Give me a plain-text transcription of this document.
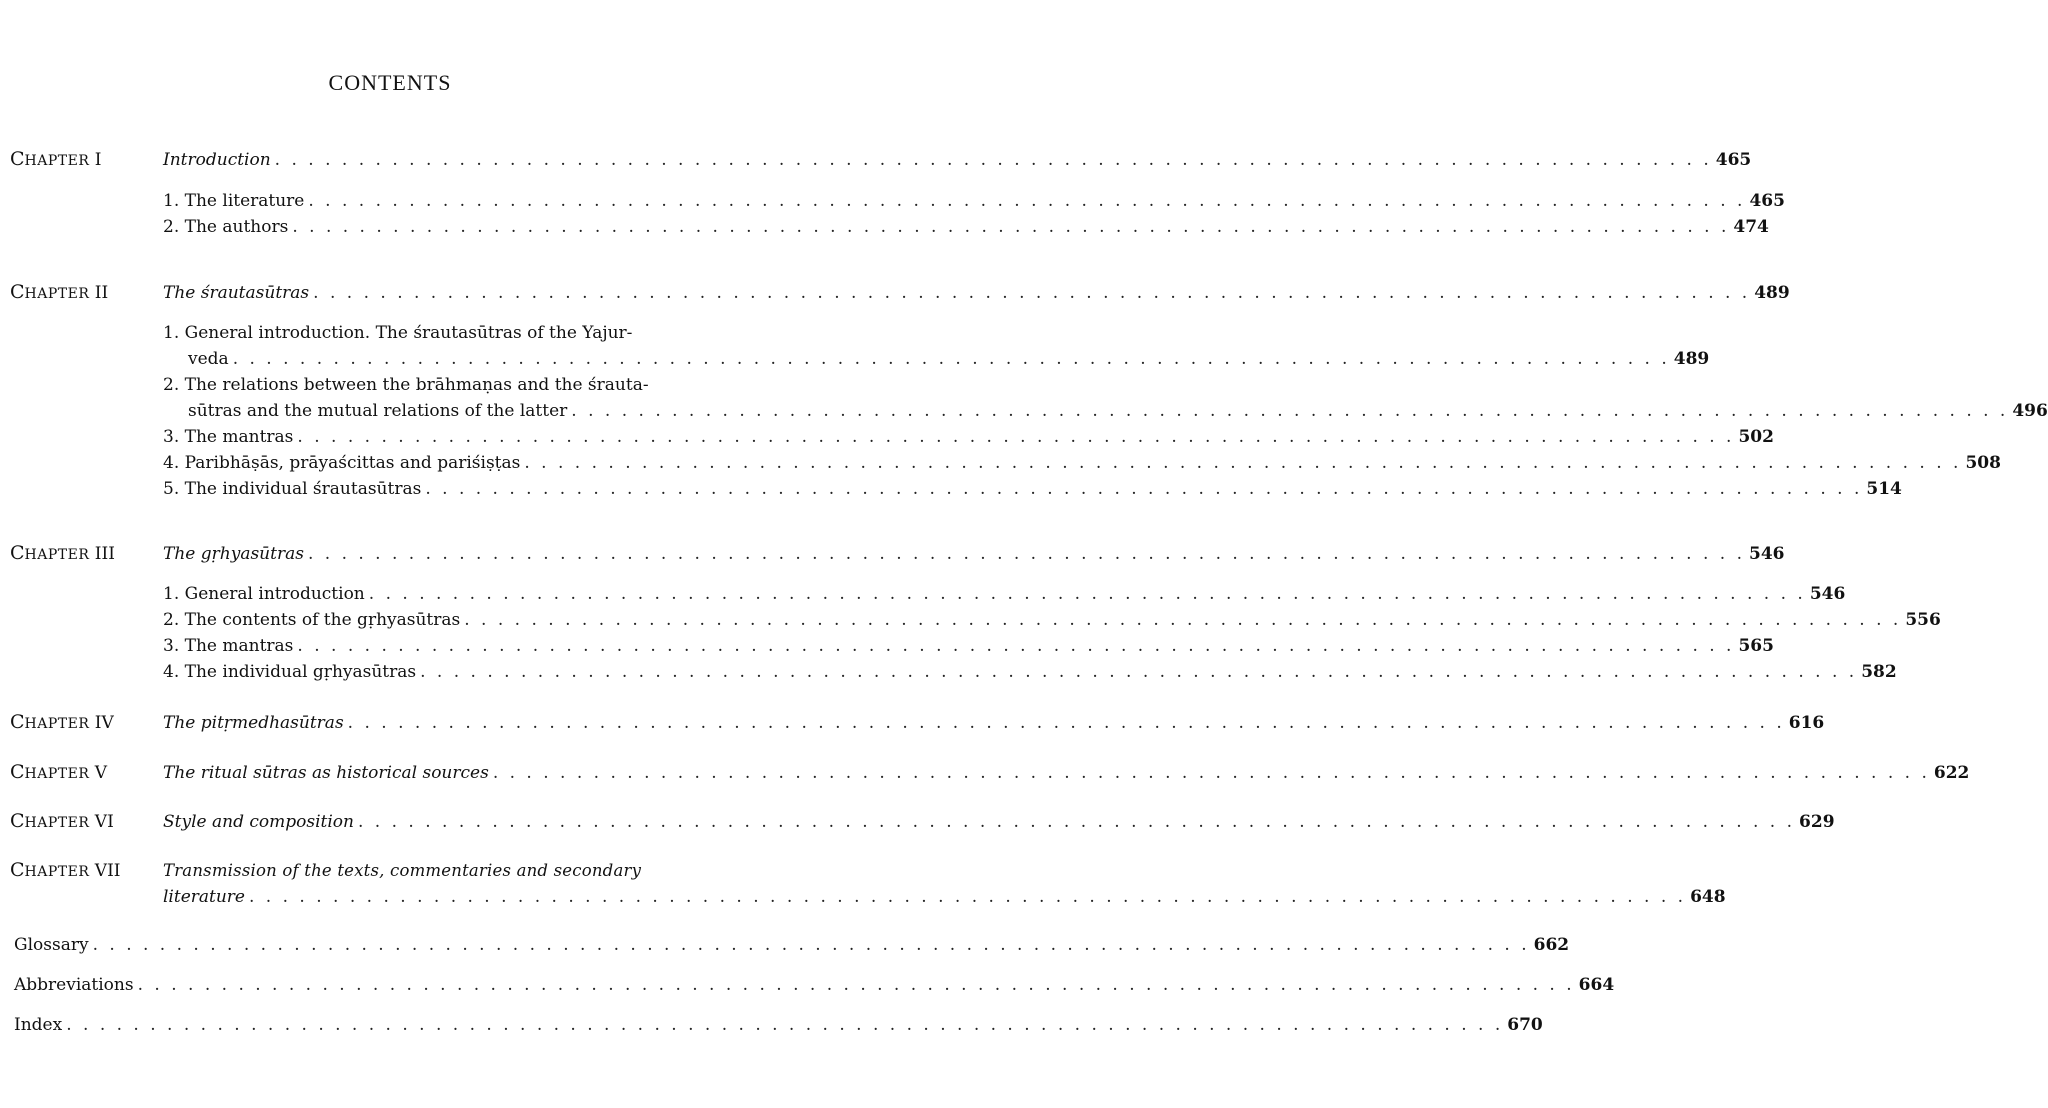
CONTENTS
CHAPTER I	Introduction . . . . . . . . . . . . . . . . . . . . . . . . . . . . . . . . . . . . . . . . . . . . . . . . . . . . . . . . . . . . . . . . . . . . . . . . . . . . . . . . . . . . . . 465
1. The literature . . . . . . . . . . . . . . . . . . . . . . . . . . . . . . . . . . . . . . . . . . . . . . . . . . . . . . . . . . . . . . . . . . . . . . . . . . . . . . . . . . . . . . 465
2. The authors . . . . . . . . . . . . . . . . . . . . . . . . . . . . . . . . . . . . . . . . . . . . . . . . . . . . . . . . . . . . . . . . . . . . . . . . . . . . . . . . . . . . . . 474
CHAPTER II	The śrautasūtras . . . . . . . . . . . . . . . . . . . . . . . . . . . . . . . . . . . . . . . . . . . . . . . . . . . . . . . . . . . . . . . . . . . . . . . . . . . . . . . . . . . . . . 489
1. General introduction. The śrautasūtras of the Yajur-
veda . . . . . . . . . . . . . . . . . . . . . . . . . . . . . . . . . . . . . . . . . . . . . . . . . . . . . . . . . . . . . . . . . . . . . . . . . . . . . . . . . . . . . . 489
2. The relations between the brāhmaṇas and the śrauta-
sūtras and the mutual relations of the latter . . . . . . . . . . . . . . . . . . . . . . . . . . . . . . . . . . . . . . . . . . . . . . . . . . . . . . . . . . . . . . . . . . . . . . . . . . . . . . . . . . . . . . 496
3. The mantras . . . . . . . . . . . . . . . . . . . . . . . . . . . . . . . . . . . . . . . . . . . . . . . . . . . . . . . . . . . . . . . . . . . . . . . . . . . . . . . . . . . . . . 502
4. Paribhāṣās, prāyaścittas and pariśiṣṭas . . . . . . . . . . . . . . . . . . . . . . . . . . . . . . . . . . . . . . . . . . . . . . . . . . . . . . . . . . . . . . . . . . . . . . . . . . . . . . . . . . . . . . 508
5. The individual śrautasūtras . . . . . . . . . . . . . . . . . . . . . . . . . . . . . . . . . . . . . . . . . . . . . . . . . . . . . . . . . . . . . . . . . . . . . . . . . . . . . . . . . . . . . . 514
CHAPTER III	The gṛhyasūtras . . . . . . . . . . . . . . . . . . . . . . . . . . . . . . . . . . . . . . . . . . . . . . . . . . . . . . . . . . . . . . . . . . . . . . . . . . . . . . . . . . . . . . 546
1. General introduction . . . . . . . . . . . . . . . . . . . . . . . . . . . . . . . . . . . . . . . . . . . . . . . . . . . . . . . . . . . . . . . . . . . . . . . . . . . . . . . . . . . . . . 546
2. The contents of the gṛhyasūtras . . . . . . . . . . . . . . . . . . . . . . . . . . . . . . . . . . . . . . . . . . . . . . . . . . . . . . . . . . . . . . . . . . . . . . . . . . . . . . . . . . . . . . 556
3. The mantras . . . . . . . . . . . . . . . . . . . . . . . . . . . . . . . . . . . . . . . . . . . . . . . . . . . . . . . . . . . . . . . . . . . . . . . . . . . . . . . . . . . . . . 565
4. The individual gṛhyasūtras . . . . . . . . . . . . . . . . . . . . . . . . . . . . . . . . . . . . . . . . . . . . . . . . . . . . . . . . . . . . . . . . . . . . . . . . . . . . . . . . . . . . . . 582
CHAPTER IV	The pitṛmedhasūtras . . . . . . . . . . . . . . . . . . . . . . . . . . . . . . . . . . . . . . . . . . . . . . . . . . . . . . . . . . . . . . . . . . . . . . . . . . . . . . . . . . . . . . 616
CHAPTER V	The ritual sūtras as historical sources . . . . . . . . . . . . . . . . . . . . . . . . . . . . . . . . . . . . . . . . . . . . . . . . . . . . . . . . . . . . . . . . . . . . . . . . . . . . . . . . . . . . . . 622
CHAPTER VI	Style and composition . . . . . . . . . . . . . . . . . . . . . . . . . . . . . . . . . . . . . . . . . . . . . . . . . . . . . . . . . . . . . . . . . . . . . . . . . . . . . . . . . . . . . . 629
CHAPTER VII	Transmission of the texts, commentaries and secondary
literature . . . . . . . . . . . . . . . . . . . . . . . . . . . . . . . . . . . . . . . . . . . . . . . . . . . . . . . . . . . . . . . . . . . . . . . . . . . . . . . . . . . . . . 648
Glossary . . . . . . . . . . . . . . . . . . . . . . . . . . . . . . . . . . . . . . . . . . . . . . . . . . . . . . . . . . . . . . . . . . . . . . . . . . . . . . . . . . . . . . 662
Abbreviations . . . . . . . . . . . . . . . . . . . . . . . . . . . . . . . . . . . . . . . . . . . . . . . . . . . . . . . . . . . . . . . . . . . . . . . . . . . . . . . . . . . . . . 664
Index . . . . . . . . . . . . . . . . . . . . . . . . . . . . . . . . . . . . . . . . . . . . . . . . . . . . . . . . . . . . . . . . . . . . . . . . . . . . . . . . . . . . . . 670
